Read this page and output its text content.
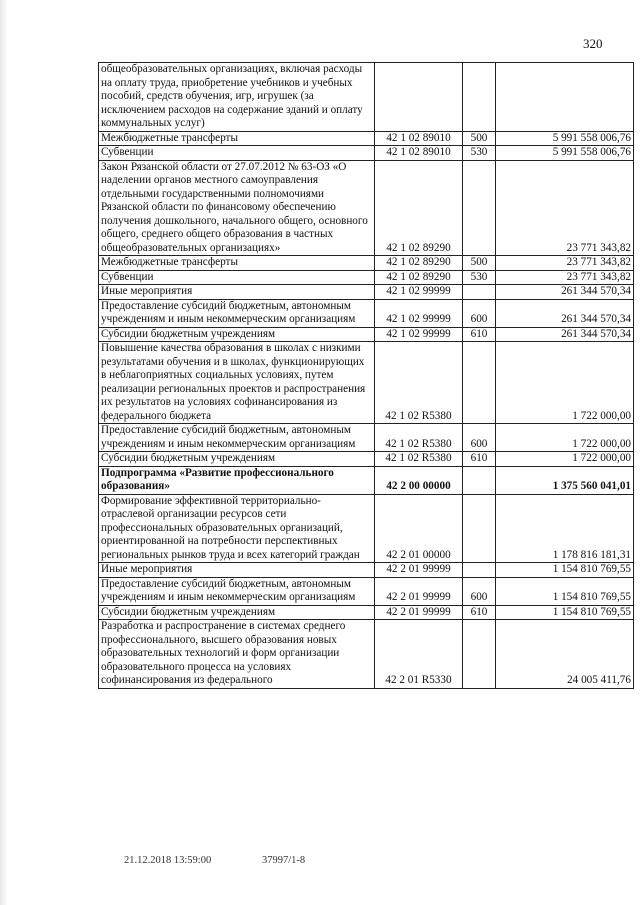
320
общеобразовательных организациях, включая расходы на оплату труда, приобретение учебников и учебных пособий, средств обучения, игр, игрушек (за исключением расходов на содержание зданий и оплату коммунальных услуг)			
Межбюджетные трансферты	42 1 02 89010	500	5 991 558 006,76
Субвенции	42 1 02 89010	530	5 991 558 006,76
Закон Рязанской области от 27.07.2012 № 63-ОЗ «О наделении органов местного самоуправления отдельными государственными полномочиями Рязанской области по финансовому обеспечению получения дошкольного, начального общего, основного общего, среднего общего образования в частных общеобразовательных организациях»	42 1 02 89290		23 771 343,82
Межбюджетные трансферты	42 1 02 89290	500	23 771 343,82
Субвенции	42 1 02 89290	530	23 771 343,82
Иные мероприятия	42 1 02 99999		261 344 570,34
Предоставление субсидий бюджетным, автономным учреждениям и иным некоммерческим организациям	42 1 02 99999	600	261 344 570,34
Субсидии бюджетным учреждениям	42 1 02 99999	610	261 344 570,34
Повышение качества образования в школах с низкими результатами обучения и в школах, функционирующих в неблагоприятных социальных условиях, путем реализации региональных проектов и распространения их результатов на условиях софинансирования из федерального бюджета	42 1 02 R5380		1 722 000,00
Предоставление субсидий бюджетным, автономным учреждениям и иным некоммерческим организациям	42 1 02 R5380	600	1 722 000,00
Субсидии бюджетным учреждениям	42 1 02 R5380	610	1 722 000,00
Подпрограмма «Развитие профессионального образования»	42 2 00 00000		1 375 560 041,01
Формирование эффективной территориально-отраслевой организации ресурсов сети профессиональных образовательных организаций, ориентированной на потребности перспективных региональных рынков труда и всех категорий граждан	42 2 01 00000		1 178 816 181,31
Иные мероприятия	42 2 01 99999		1 154 810 769,55
Предоставление субсидий бюджетным, автономным учреждениям и иным некоммерческим организациям	42 2 01 99999	600	1 154 810 769,55
Субсидии бюджетным учреждениям	42 2 01 99999	610	1 154 810 769,55
Разработка и распространение в системах среднего профессионального, высшего образования новых образовательных технологий и форм организации образовательного процесса на условиях софинансирования из федерального	42 2 01 R5330		24 005 411,76
21.12.2018 13:59:00	37997/1-8
